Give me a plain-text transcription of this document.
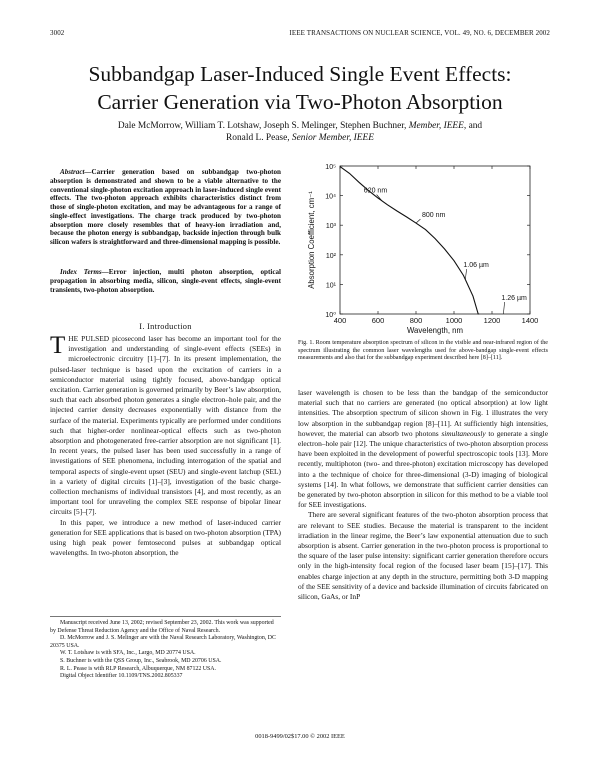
3002	IEEE TRANSACTIONS ON NUCLEAR SCIENCE, VOL. 49, NO. 6, DECEMBER 2002
Subbandgap Laser-Induced Single Event Effects:
Carrier Generation via Two-Photon Absorption
Dale McMorrow, William T. Lotshaw, Joseph S. Melinger, Stephen Buchner, Member, IEEE, and
Ronald L. Pease, Senior Member, IEEE
Abstract—Carrier generation based on subbandgap two-photon absorption is demonstrated and shown to be a viable alternative to the conventional single-photon excitation approach in laser-induced single event effects. The two-photon approach exhibits characteristics distinct from those of single-photon excitation, and may be advantageous for a range of single-effect investigations. The charge track produced by two-photon absorption more closely resembles that of heavy-ion irradiation and, because the photon energy is subbandgap, backside injection through bulk silicon wafers is straightforward and three-dimensional mapping is possible.
Index Terms—Error injection, multi photon absorption, optical propagation in absorbing media, silicon, single-event effects, single-event transients, two-photon absorption.
I. Introduction
THE PULSED picosecond laser has become an important tool for the investigation and understanding of single-event effects (SEEs) in microelectronic circuitry [1]–[7]. In its present implementation, the pulsed-laser technique is based upon the excitation of carriers in a semiconductor material using tightly focused, above-bandgap optical excitation. Carrier generation is governed primarily by Beer’s law absorption, such that each absorbed photon generates a single electron–hole pair, and the injected carrier density decreases exponentially with distance from the surface of the material. Experiments typically are performed under conditions such that higher-order nonlinear-optical effects such as two-photon absorption and photogenerated free-carrier absorption are not significant [1]. In recent years, the pulsed laser has been used successfully in a range of investigations of SEE phenomena, including interrogation of the spatial and temporal aspects of single-event upset (SEU) and single-event latchup (SEL) in a variety of digital circuits [1]–[3], investigation of the basic charge-collection mechanisms of individual transistors [4], and most recently, as an important tool for unraveling the complex SEE response of bipolar linear circuits [5]–[7].

In this paper, we introduce a new method of laser-induced carrier generation for SEE applications that is based on two-photon absorption (TPA) using high peak power femtosecond pulses at subbandgap optical wavelengths. In two-photon absorption, the

Manuscript received June 13, 2002; revised September 23, 2002. This work was supported by Defense Threat Reduction Agency and the Office of Naval Research.

D. McMorrow and J. S. Melinger are with the Naval Research Laboratory, Washington, DC 20375 USA.

W. T. Lotshaw is with SFA, Inc., Largo, MD 20774 USA.

S. Buchner is with the QSS Group, Inc., Seabrook, MD 20706 USA.

R. L. Pease is with RLP Research, Albuquerque, NM 87122 USA.

Digital Object Identifier 10.1109/TNS.2002.805337

400	600	800	1000	1200	1400
10⁰
10¹
10²
10³
10⁴
10⁵
Wavelength, nm
Absorption Coefficient, cm⁻¹
620 nm
800 nm
1.06 µm
1.26 µm
Fig. 1. Room temperature absorption spectrum of silicon in the visible and near-infrared region of the spectrum illustrating the common laser wavelengths used for above-bandgap single-event effects measurements and also that for the subbandgap experiment described here [8]–[11].

laser wavelength is chosen to be less than the bandgap of the semiconductor material such that no carriers are generated (no optical absorption) at low light intensities. The absorption spectrum of silicon shown in Fig. 1 illustrates the very low absorption in the subbandgap region [8]–[11]. At sufficiently high intensities, however, the material can absorb two photons simultaneously to generate a single electron–hole pair [12]. The unique characteristics of two-photon absorption process have been exploited in the development of powerful spectroscopic tools [13]. More recently, multiphoton (two- and three-photon) excitation microscopy has developed into a the technique of choice for three-dimensional (3-D) imaging of biological systems [14]. In what follows, we demonstrate that sufficient carrier densities can be generated by two-photon absorption in silicon for this method to be a viable tool for SEE investigations.

There are several significant features of the two-photon absorption process that are relevant to SEE studies. Because the material is transparent to the incident irradiation in the linear regime, the Beer’s law exponential attenuation due to such absorption is absent. Carrier generation in the two-photon process is proportional to the square of the laser pulse intensity: significant carrier generation therefore occurs only in the high-intensity focal region of the focused laser beam [15]–[17]. This enables charge injection at any depth in the structure, permitting both 3-D mapping of the SEE sensitivity of a device and backside illumination of circuits fabricated on silicon, GaAs, or InP

0018-9499/02$17.00 © 2002 IEEE
